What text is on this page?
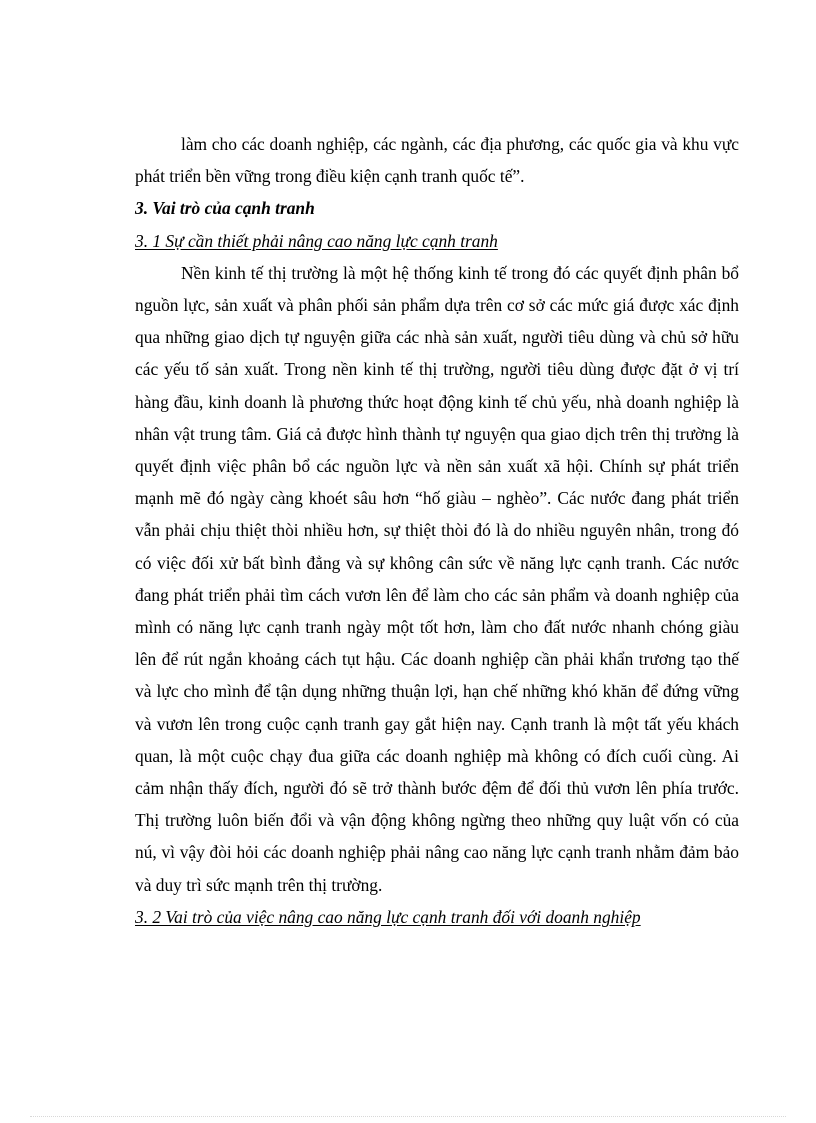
làm cho các doanh nghiệp, các ngành, các địa phương, các quốc gia và khu vực phát triển bền vững trong điều kiện cạnh tranh quốc tế”.

3. Vai trò của cạnh tranh

3. 1 Sự cần thiết phải nâng cao năng lực cạnh tranh

Nền kinh tế thị trường là một hệ thống kinh tế trong đó các quyết định phân bổ nguồn lực, sản xuất và phân phối sản phẩm dựa trên cơ sở các mức giá được xác định qua những giao dịch tự nguyện giữa các nhà sản xuất, người tiêu dùng và chủ sở hữu các yếu tố sản xuất. Trong nền kinh tế thị trường, người tiêu dùng được đặt ở vị trí hàng đầu, kinh doanh là phương thức hoạt động kinh tế chủ yếu, nhà doanh nghiệp là nhân vật trung tâm. Giá cả được hình thành tự nguyện qua giao dịch trên thị trường là quyết định việc phân bổ các nguồn lực và nền sản xuất xã hội. Chính sự phát triển mạnh mẽ đó ngày càng khoét sâu hơn “hố giàu – nghèo”. Các nước đang phát triển vẫn phải chịu thiệt thòi nhiều hơn, sự thiệt thòi đó là do nhiều nguyên nhân, trong đó có việc đối xử bất bình đẳng và sự không cân sức về năng lực cạnh tranh. Các nước đang phát triển phải tìm cách vươn lên để làm cho các sản phẩm và doanh nghiệp của mình có năng lực cạnh tranh ngày một tốt hơn, làm cho đất nước nhanh chóng giàu lên để rút ngắn khoảng cách tụt hậu. Các doanh nghiệp cần phải khẩn trương tạo thế và lực cho mình để tận dụng những thuận lợi, hạn chế những khó khăn để đứng vững và vươn lên trong cuộc cạnh tranh gay gắt hiện nay. Cạnh tranh là một tất yếu khách quan, là một cuộc chạy đua giữa các doanh nghiệp mà không có đích cuối cùng. Ai cảm nhận thấy đích, người đó sẽ trở thành bước đệm để đối thủ vươn lên phía trước. Thị trường luôn biến đổi và vận động không ngừng theo những quy luật vốn có của nú, vì vậy đòi hỏi các doanh nghiệp phải nâng cao năng lực cạnh tranh nhằm đảm bảo và duy trì sức mạnh trên thị trường.

3. 2 Vai trò của việc nâng cao năng lực cạnh tranh đối với doanh nghiệp
